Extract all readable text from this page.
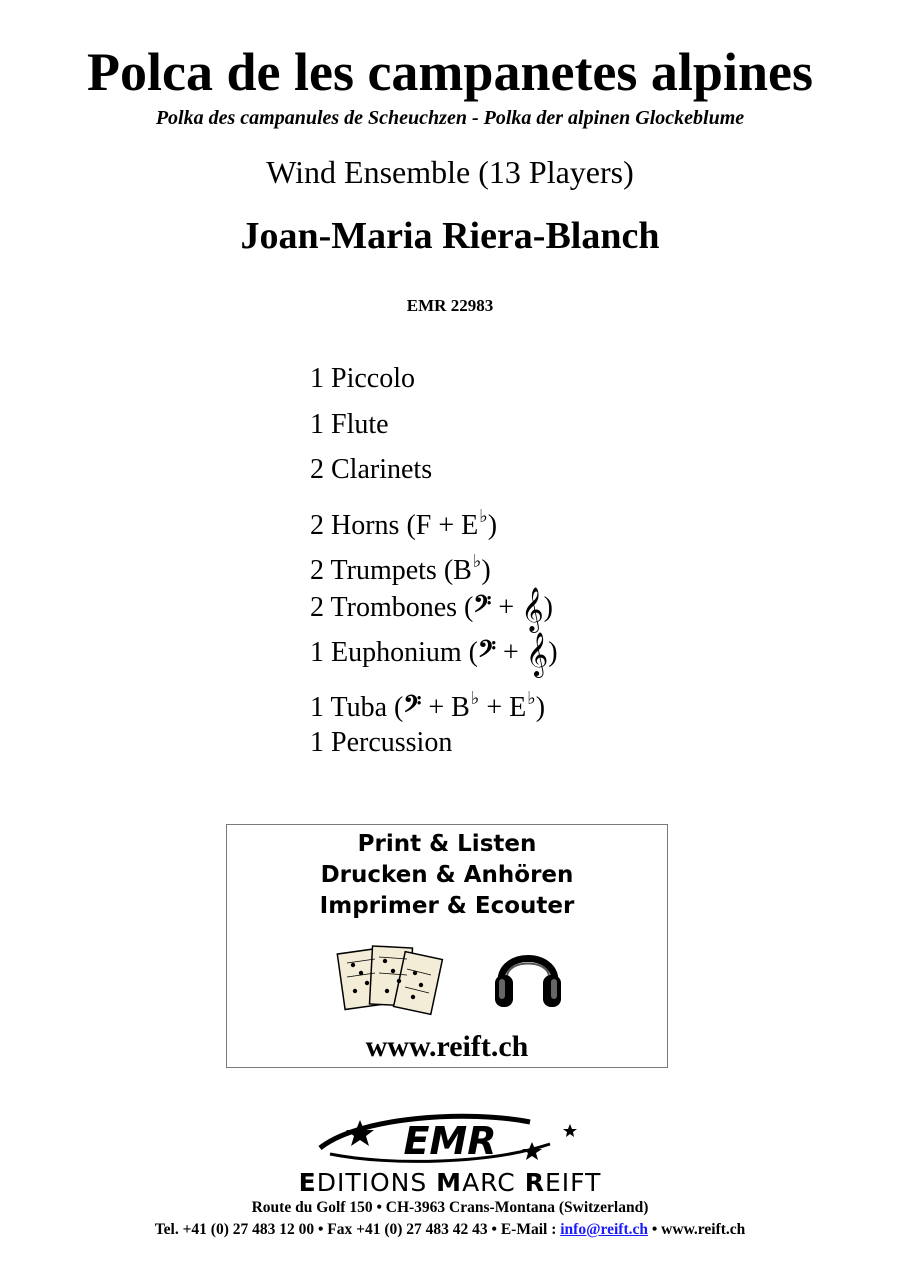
Polca de les campanetes alpines
Polka des campanules de Scheuchzen - Polka der alpinen Glockeblume
Wind Ensemble (13 Players)
Joan-Maria Riera-Blanch
EMR 22983
1 Piccolo
1 Flute
2 Clarinets
2 Horns (F + E♭)
2 Trumpets (B♭)
2 Trombones (𝄢 + 𝄞)
1 Euphonium (𝄢 + 𝄞)
1 Tuba (𝄢 + B♭ + E♭)
1 Percussion
Print & Listen
Drucken & Anhören
Imprimer & Ecouter
www.reift.ch
EMR
EDITIONS MARC REIFT
Route du Golf 150 • CH-3963 Crans-Montana (Switzerland)
Tel. +41 (0) 27 483 12 00 • Fax +41 (0) 27 483 42 43 • E-Mail : info@reift.ch • www.reift.ch
